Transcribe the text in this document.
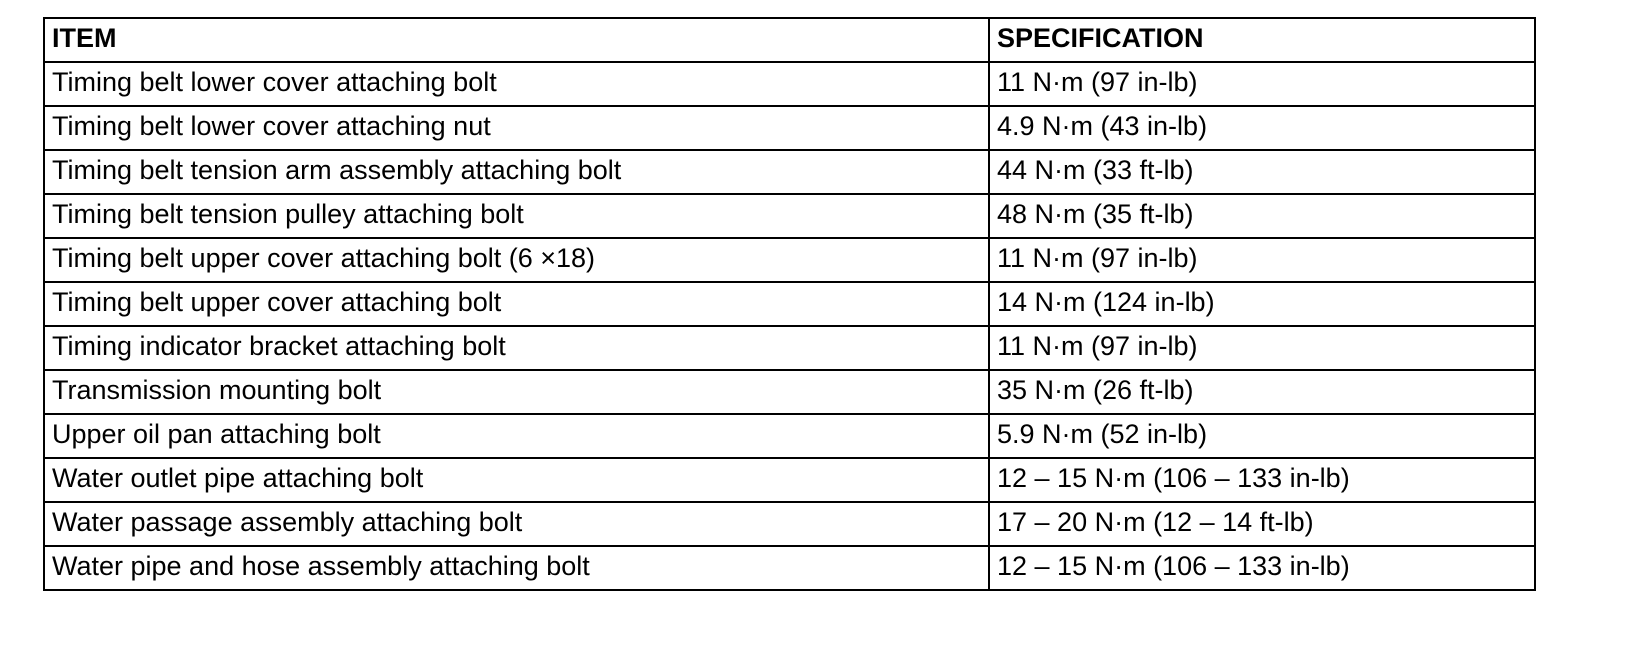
ITEM	SPECIFICATION
Timing belt lower cover attaching bolt	11 N·m (97 in-lb)
Timing belt lower cover attaching nut	4.9 N·m (43 in-lb)
Timing belt tension arm assembly attaching bolt	44 N·m (33 ft-lb)
Timing belt tension pulley attaching bolt	48 N·m (35 ft-lb)
Timing belt upper cover attaching bolt (6 ×18)	11 N·m (97 in-lb)
Timing belt upper cover attaching bolt	14 N·m (124 in-lb)
Timing indicator bracket attaching bolt	11 N·m (97 in-lb)
Transmission mounting bolt	35 N·m (26 ft-lb)
Upper oil pan attaching bolt	5.9 N·m (52 in-lb)
Water outlet pipe attaching bolt	12 – 15 N·m (106 – 133 in-lb)
Water passage assembly attaching bolt	17 – 20 N·m (12 – 14 ft-lb)
Water pipe and hose assembly attaching bolt	12 – 15 N·m (106 – 133 in-lb)
